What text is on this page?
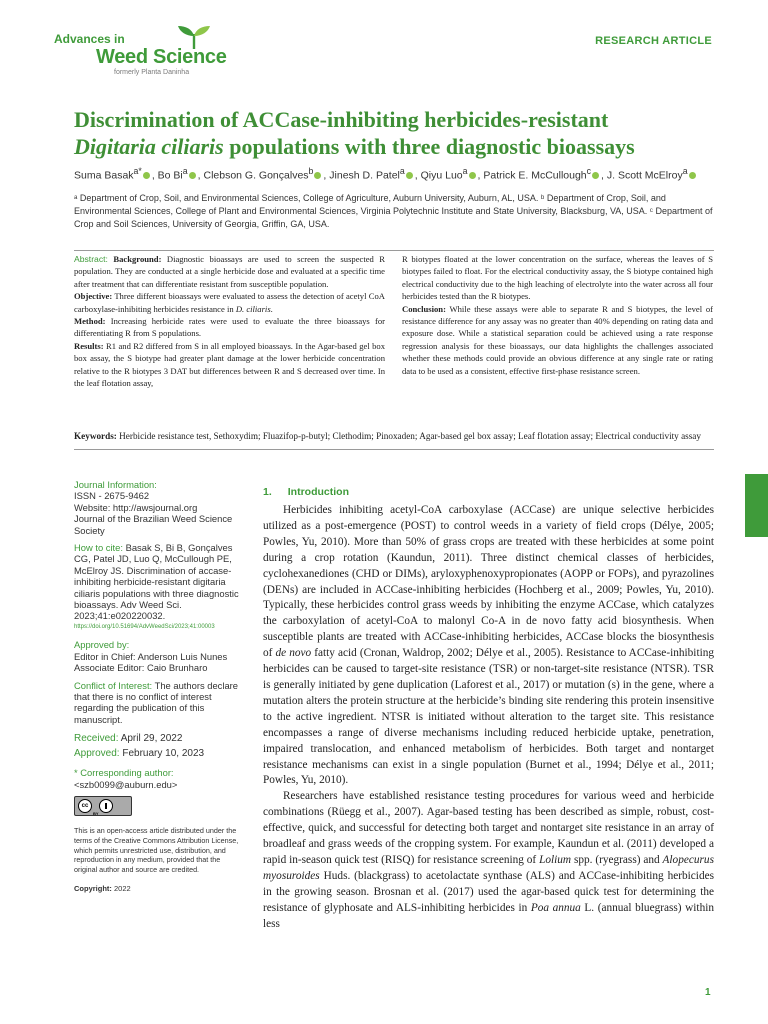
Advances in
Weed Science
formerly Planta Daninha
RESEARCH ARTICLE
Discrimination of ACCase-inhibiting herbicides-resistant
Digitaria ciliaris populations with three diagnostic bioassays
Suma Basak$^{a*}$ , Bo Bi$^a$ , Clebson G. Gonçalves$^b$ , Jinesh D. Patel$^a$ , Qiyu Luo$^a$ , Patrick E. McCullough$^c$ , J. Scott McElroy$^a$
ᵃ Department of Crop, Soil, and Environmental Sciences, College of Agriculture, Auburn University, Auburn, AL, USA. ᵇ Department of Crop, Soil, and Environmental Sciences, College of Plant and Environmental Sciences, Virginia Polytechnic Institute and State University, Blacksburg, VA, USA. ᶜ Department of Crop and Soil Sciences, University of Georgia, Griffin, GA, USA.

Abstract: Background: Diagnostic bioassays are used to screen the suspected R population. They are conducted at a single herbicide dose and evaluated at a specific time after treatment that can differentiate resistant from susceptible population.

Objective: Three different bioassays were evaluated to assess the detection of acetyl CoA carboxylase-inhibiting herbicides resistance in D. ciliaris.

Method: Increasing herbicide rates were used to evaluate the three bioassays for differentiating R from S populations.

Results: R1 and R2 differed from S in all employed bioassays. In the Agar-based gel box box assay, the S biotype had greater plant damage at the lower herbicide concentration relative to the R biotypes 3 DAT but differences between R and S decreased over time. In the leaf flotation assay,

R biotypes floated at the lower concentration on the surface, whereas the leaves of S biotypes failed to float. For the electrical conductivity assay, the S biotype contained high electrical conductivity due to the high leaching of electrolyte into the water across all four herbicides tested than the R biotypes.

Conclusion: While these assays were able to separate R and S biotypes, the level of resistance difference for any assay was no greater than 40% depending on rating data and exposure dose. While a statistical separation could be achieved using a rate response regression analysis for these bioassays, our data highlights the challenges associated whether these methods could provide an obvious difference at any single rate or rating data to be used as a consistent, effective first-phase resistance screen.

Keywords: Herbicide resistance test, Sethoxydim; Fluazifop-p-butyl; Clethodim; Pinoxaden; Agar-based gel box assay; Leaf flotation assay; Electrical conductivity assay
Journal Information:
ISSN - 2675-9462
Website: http://awsjournal.org
Journal of the Brazilian Weed Science Society
How to cite: Basak S, Bi B, Gonçalves CG, Patel JD, Luo Q, McCullough PE, McElroy JS. Discrimination of accase-inhibiting herbicide-resistant digitaria ciliaris populations with three diagnostic bioassays. Adv Weed Sci. 2023;41:e020220032.
https://doi.org/10.51694/AdvWeedSci/2023;41:00003
Approved by:
Editor in Chief: Anderson Luis Nunes
Associate Editor: Caio Brunharo
Conflict of Interest: The authors declare that there is no conflict of interest regarding the publication of this manuscript.
Received: April 29, 2022
Approved: February 10, 2023
* Corresponding author:
<szb0099@auburn.edu>
cc
BY
This is an open-access article distributed under the terms of the Creative Commons Attribution License, which permits unrestricted use, distribution, and reproduction in any medium, provided that the original author and source are credited.
Copyright: 2022
1. Introduction

Herbicides inhibiting acetyl-CoA carboxylase (ACCase) are unique selective herbicides utilized as a post-emergence (POST) to control weeds in a variety of field crops (Délye, 2005; Powles, Yu, 2010). More than 50% of grass crops are treated with these herbicides at some point during a crop rotation (Kaundun, 2011). Three distinct chemical classes of herbicides, cyclohexanediones (CHD or DIMs), aryloxyphenoxypropionates (AOPP or FOPs), and pyrazolines (DENs) are included in ACCase-inhibiting herbicides (Hochberg et al., 2009; Powles, Yu, 2010). Typically, these herbicides control grass weeds by inhibiting the enzyme ACCase, which catalyzes the carboxylation of acetyl-CoA to malonyl Co-A in de novo fatty acid biosynthesis. When susceptible plants are treated with ACCase-inhibiting herbicides, ACCase blocks the biosynthesis of de novo fatty acid (Cronan, Waldrop, 2002; Délye et al., 2005). Resistance to ACCase-inhibiting herbicides can be caused to target-site resistance (TSR) or non-target-site resistance (NTSR). TSR is generally initiated by gene duplication (Laforest et al., 2017) or mutation (s) in the gene, where a mutation alters the protein structure at the herbicide’s binding site rendering this protein insensitive to the active ingredient. NTSR is initiated without alteration to the target site. This resistance encompasses a range of diverse mechanisms including reduced herbicide uptake, penetration, impaired translocation, and enhanced metabolism of herbicides. Both target and nontarget resistance mechanisms can exist in a single population (Burnet et al., 1994; Délye et al., 2011; Powles, Yu, 2010).

Researchers have established resistance testing procedures for various weed and herbicide combinations (Rüegg et al., 2007). Agar-based testing has been described as simple, robust, cost-effective, quick, and successful for detecting both target and nontarget site resistance in an array of broadleaf and grass weeds of the cropping system. For example, Kaundun et al. (2011) developed a rapid in-season quick test (RISQ) for resistance screening of Lolium spp. (ryegrass) and Alopecurus myosuroides Huds. (blackgrass) to acetolactate synthase (ALS) and ACCase-inhibiting herbicides in the growing season. Brosnan et al. (2017) used the agar-based quick test for determining the resistance of glyphosate and ALS-inhibiting herbicides in Poa annua L. (annual bluegrass) within less

1
